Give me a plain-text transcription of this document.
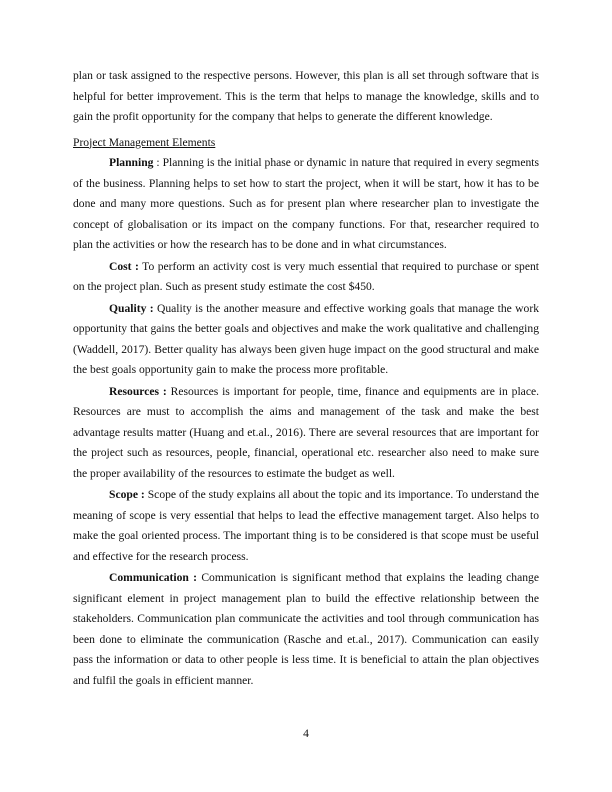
plan or task assigned to the respective persons. However, this plan is all set through software that is helpful for better improvement. This is the term that helps to manage the knowledge, skills and to gain the profit opportunity for the company that helps to generate the different knowledge.

Project Management Elements

Planning : Planning is the initial phase or dynamic in nature that required in every segments of the business. Planning helps to set how to start the project, when it will be start, how it has to be done and many more questions. Such as for present plan where researcher plan to investigate the concept of globalisation or its impact on the company functions. For that, researcher required to plan the activities or how the research has to be done and in what circumstances.

Cost : To perform an activity cost is very much essential that required to purchase or spent on the project plan. Such as present study estimate the cost $450.

Quality : Quality is the another measure and effective working goals that manage the work opportunity that gains the better goals and objectives and make the work qualitative and challenging (Waddell, 2017). Better quality has always been given huge impact on the good structural and make the best goals opportunity gain to make the process more profitable.

Resources : Resources is important for people, time, finance and equipments are in place. Resources are must to accomplish the aims and management of the task and make the best advantage results matter (Huang and et.al., 2016). There are several resources that are important for the project such as resources, people, financial, operational etc. researcher also need to make sure the proper availability of the resources to estimate the budget as well.

Scope : Scope of the study explains all about the topic and its importance. To understand the meaning of scope is very essential that helps to lead the effective management target. Also helps to make the goal oriented process. The important thing is to be considered is that scope must be useful and effective for the research process.

Communication : Communication is significant method that explains the leading change significant element in project management plan to build the effective relationship between the stakeholders. Communication plan communicate the activities and tool through communication has been done to eliminate the communication (Rasche and et.al., 2017). Communication can easily pass the information or data to other people is less time. It is beneficial to attain the plan objectives and fulfil the goals in efficient manner.

4
